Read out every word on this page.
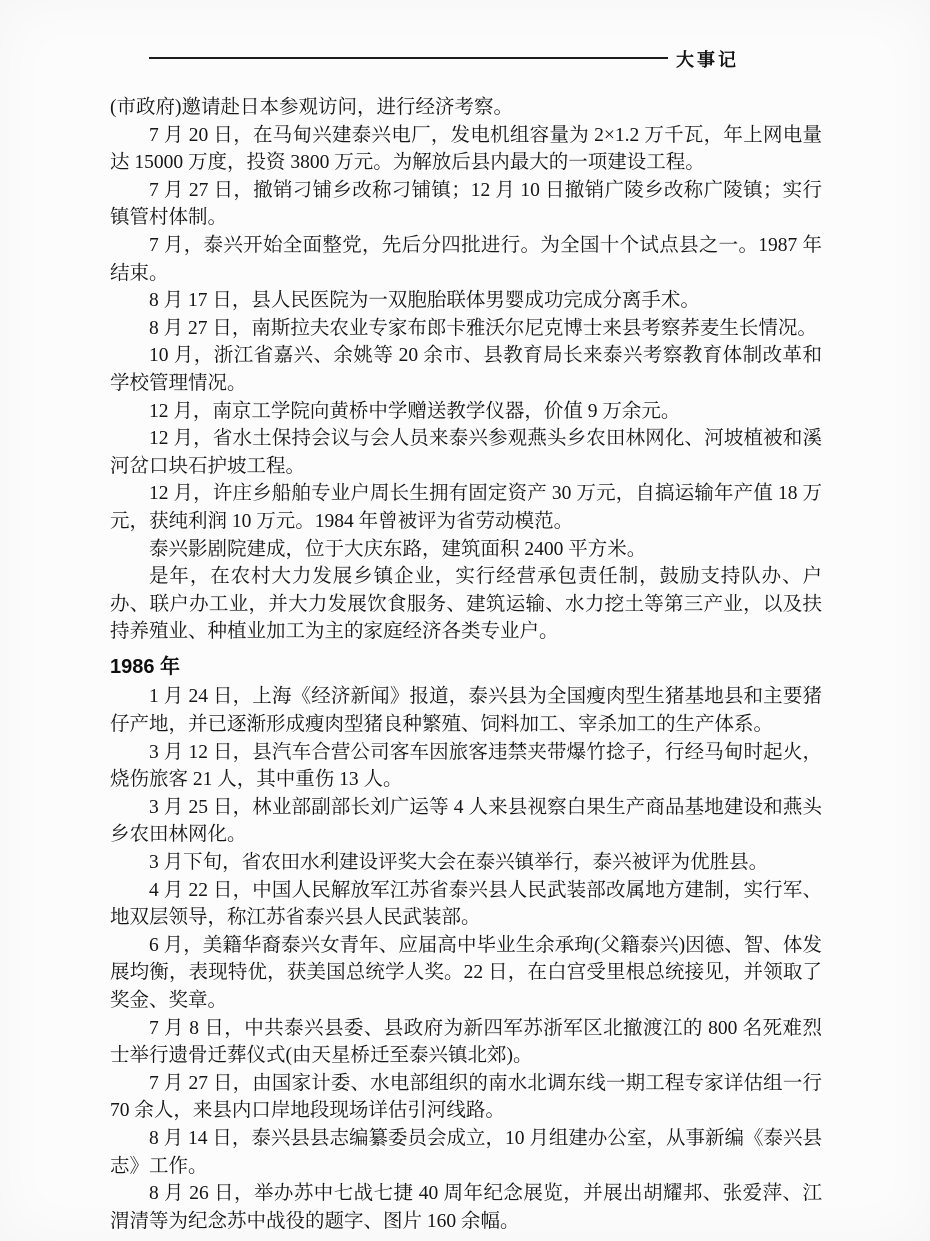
大事记

(市政府)邀请赴日本参观访问，进行经济考察。

7 月 20 日，在马甸兴建泰兴电厂，发电机组容量为 2×1.2 万千瓦，年上网电量达 15000 万度，投资 3800 万元。为解放后县内最大的一项建设工程。

7 月 27 日，撤销刁铺乡改称刁铺镇；12 月 10 日撤销广陵乡改称广陵镇；实行镇管村体制。

7 月，泰兴开始全面整党，先后分四批进行。为全国十个试点县之一。1987 年结束。

8 月 17 日，县人民医院为一双胞胎联体男婴成功完成分离手术。

8 月 27 日，南斯拉夫农业专家布郎卡雅沃尔尼克博士来县考察荞麦生长情况。

10 月，浙江省嘉兴、余姚等 20 余市、县教育局长来泰兴考察教育体制改革和学校管理情况。

12 月，南京工学院向黄桥中学赠送教学仪器，价值 9 万余元。

12 月，省水土保持会议与会人员来泰兴参观燕头乡农田林网化、河坡植被和溪河岔口块石护坡工程。

12 月，许庄乡船舶专业户周长生拥有固定资产 30 万元，自搞运输年产值 18 万元，获纯利润 10 万元。1984 年曾被评为省劳动模范。

泰兴影剧院建成，位于大庆东路，建筑面积 2400 平方米。

是年，在农村大力发展乡镇企业，实行经营承包责任制，鼓励支持队办、户办、联户办工业，并大力发展饮食服务、建筑运输、水力挖土等第三产业，以及扶持养殖业、种植业加工为主的家庭经济各类专业户。

1986 年

1 月 24 日，上海《经济新闻》报道，泰兴县为全国瘦肉型生猪基地县和主要猪仔产地，并已逐渐形成瘦肉型猪良种繁殖、饲料加工、宰杀加工的生产体系。

3 月 12 日，县汽车合营公司客车因旅客违禁夹带爆竹捻子，行经马甸时起火，烧伤旅客 21 人，其中重伤 13 人。

3 月 25 日，林业部副部长刘广运等 4 人来县视察白果生产商品基地建设和燕头乡农田林网化。

3 月下旬，省农田水利建设评奖大会在泰兴镇举行，泰兴被评为优胜县。

4 月 22 日，中国人民解放军江苏省泰兴县人民武装部改属地方建制，实行军、地双层领导，称江苏省泰兴县人民武装部。

6 月，美籍华裔泰兴女青年、应届高中毕业生余承珣(父籍泰兴)因德、智、体发展均衡，表现特优，获美国总统学人奖。22 日，在白宫受里根总统接见，并领取了奖金、奖章。

7 月 8 日，中共泰兴县委、县政府为新四军苏浙军区北撤渡江的 800 名死难烈士举行遗骨迁葬仪式(由天星桥迁至泰兴镇北郊)。

7 月 27 日，由国家计委、水电部组织的南水北调东线一期工程专家详估组一行 70 余人，来县内口岸地段现场详估引河线路。

8 月 14 日，泰兴县县志编纂委员会成立，10 月组建办公室，从事新编《泰兴县志》工作。

8 月 26 日，举办苏中七战七捷 40 周年纪念展览，并展出胡耀邦、张爱萍、江渭清等为纪念苏中战役的题字、图片 160 余幅。
